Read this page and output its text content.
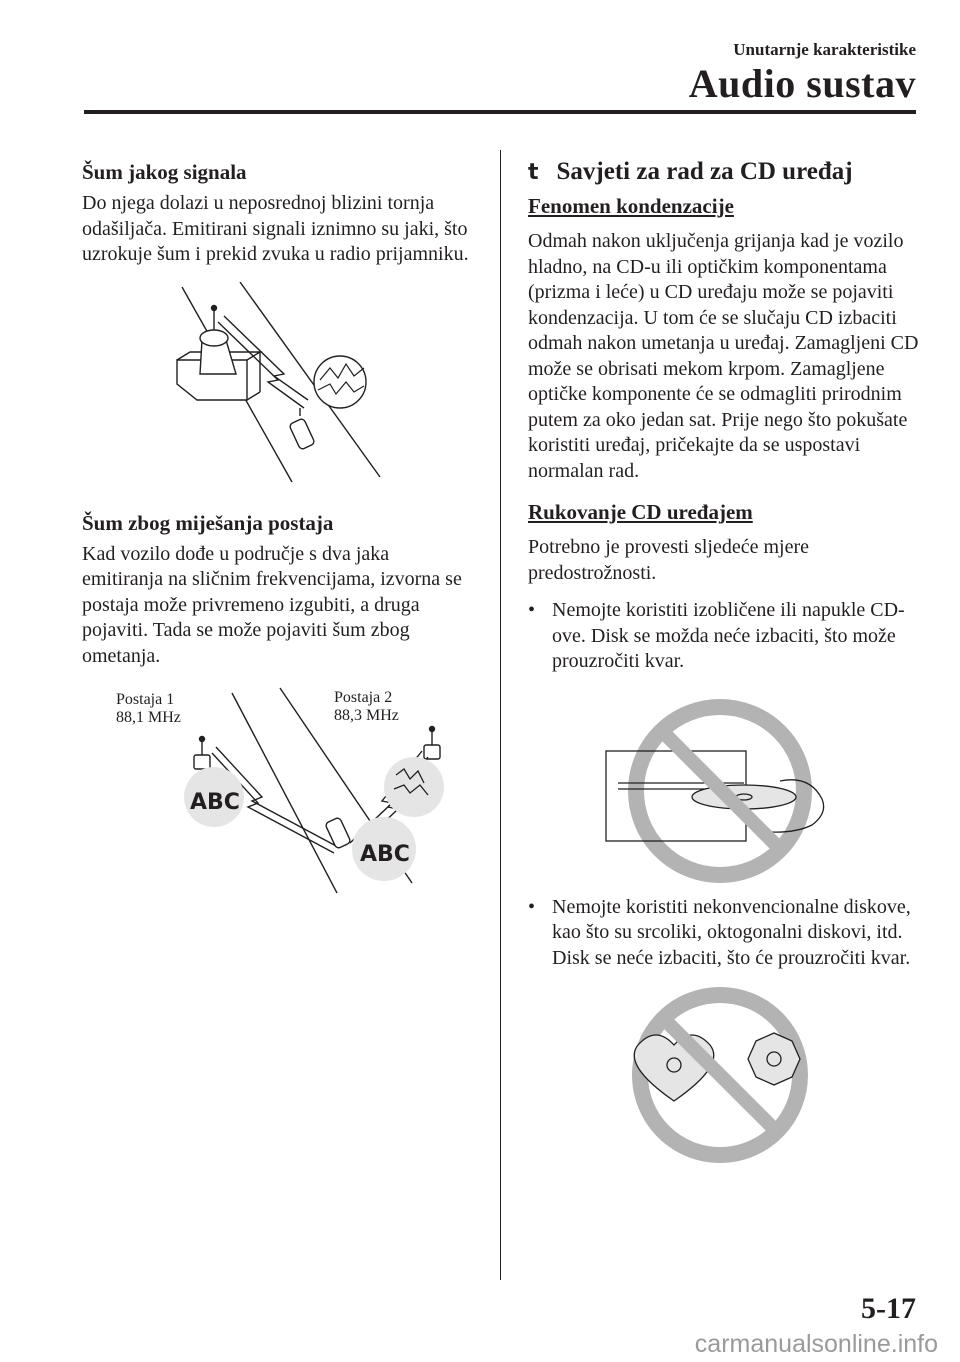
Unutarnje karakteristike
Audio sustav
Šum jakog signala

Do njega dolazi u neposrednoj blizini tornja odašiljača. Emitirani signali iznimno su jaki, što uzrokuje šum i prekid zvuka u radio prijamniku.

Šum zbog miješanja postaja

Kad vozilo dođe u područje s dva jaka emitiranja na sličnim frekvencijama, izvorna se postaja može privremeno izgubiti, a druga pojaviti. Tada se može pojaviti šum zbog ometanja.

ABC
ABC
Postaja 1
88,1 MHz
Postaja 2
88,3 MHz
t Savjeti za rad za CD uređaj
Fenomen kondenzacije

Odmah nakon uključenja grijanja kad je vozilo hladno, na CD-u ili optičkim komponentama (prizma i leće) u CD uređaju može se pojaviti kondenzacija. U tom će se slučaju CD izbaciti odmah nakon umetanja u uređaj. Zamagljeni CD može se obrisati mekom krpom. Zamagljene optičke komponente će se odmagliti prirodnim putem za oko jedan sat. Prije nego što pokušate koristiti uređaj, pričekajte da se uspostavi normalan rad.

Rukovanje CD uređajem

Potrebno je provesti sljedeće mjere predostrožnosti.

• Nemojte koristiti izobličene ili napukle CD-ove. Disk se možda neće izbaciti, što može prouzročiti kvar.
• Nemojte koristiti nekonvencionalne diskove, kao što su srcoliki, oktogonalni diskovi, itd. Disk se neće izbaciti, što će prouzročiti kvar.
5-17
carmanualsonline.info
